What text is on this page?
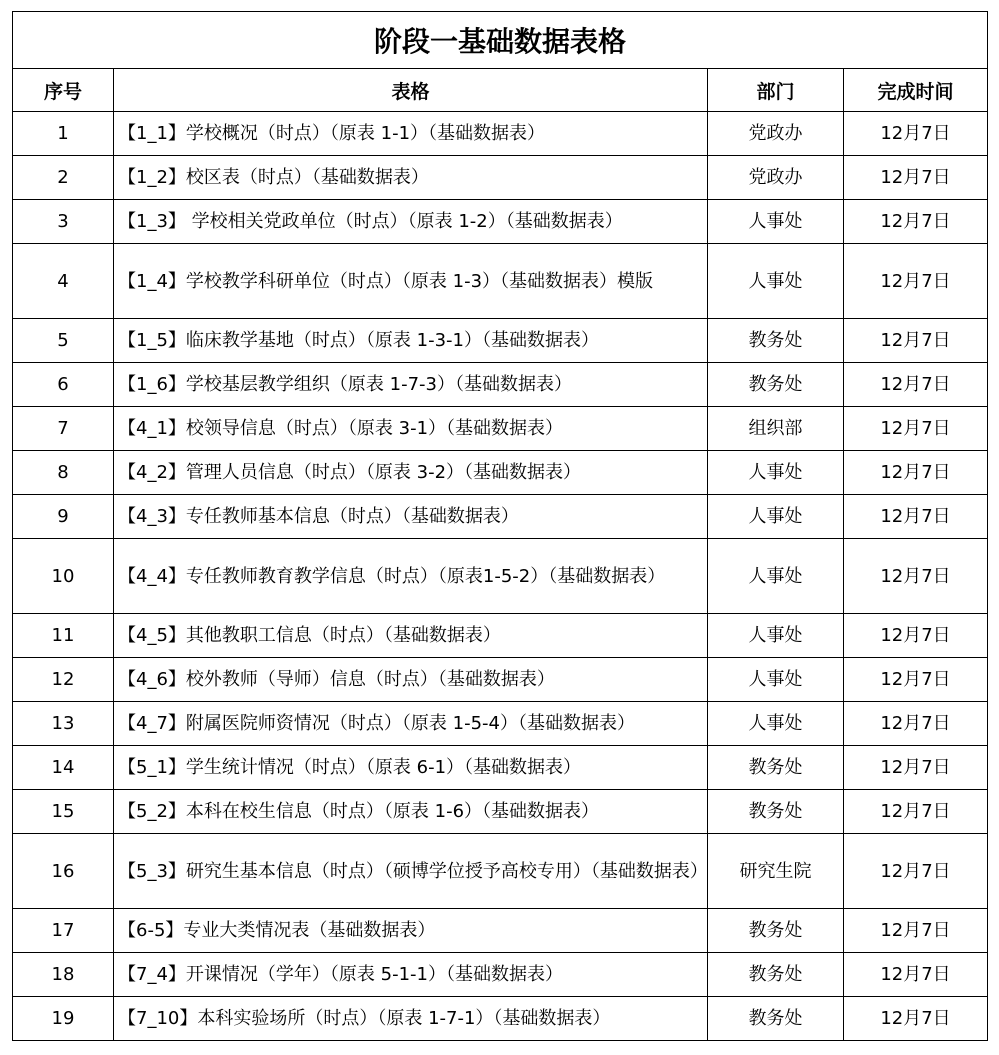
阶段一基础数据表格			
序号	表格	部门	完成时间
1	【1_1】学校概况（时点）（原表 1-1）（基础数据表）	党政办	12月7日
2	【1_2】校区表（时点）（基础数据表）	党政办	12月7日
3	【1_3】 学校相关党政单位（时点）（原表 1-2）（基础数据表）	人事处	12月7日
4	【1_4】学校教学科研单位（时点）（原表 1-3）（基础数据表）模版	人事处	12月7日
5	【1_5】临床教学基地（时点）（原表 1-3-1）（基础数据表）	教务处	12月7日
6	【1_6】学校基层教学组织（原表 1-7-3）（基础数据表）	教务处	12月7日
7	【4_1】校领导信息（时点）（原表 3-1）（基础数据表）	组织部	12月7日
8	【4_2】管理人员信息（时点）（原表 3-2）（基础数据表）	人事处	12月7日
9	【4_3】专任教师基本信息（时点）（基础数据表）	人事处	12月7日
10	【4_4】专任教师教育教学信息（时点）（原表1-5-2）（基础数据表）	人事处	12月7日
11	【4_5】其他教职工信息（时点）（基础数据表）	人事处	12月7日
12	【4_6】校外教师（导师）信息（时点）（基础数据表）	人事处	12月7日
13	【4_7】附属医院师资情况（时点）（原表 1-5-4）（基础数据表）	人事处	12月7日
14	【5_1】学生统计情况（时点）（原表 6-1）（基础数据表）	教务处	12月7日
15	【5_2】本科在校生信息（时点）（原表 1-6）（基础数据表）	教务处	12月7日
16	【5_3】研究生基本信息（时点）（硕博学位授予高校专用）（基础数据表）	研究生院	12月7日
17	【6-5】专业大类情况表（基础数据表）	教务处	12月7日
18	【7_4】开课情况（学年）（原表 5-1-1）（基础数据表）	教务处	12月7日
19	【7_10】本科实验场所（时点）（原表 1-7-1）（基础数据表）	教务处	12月7日
